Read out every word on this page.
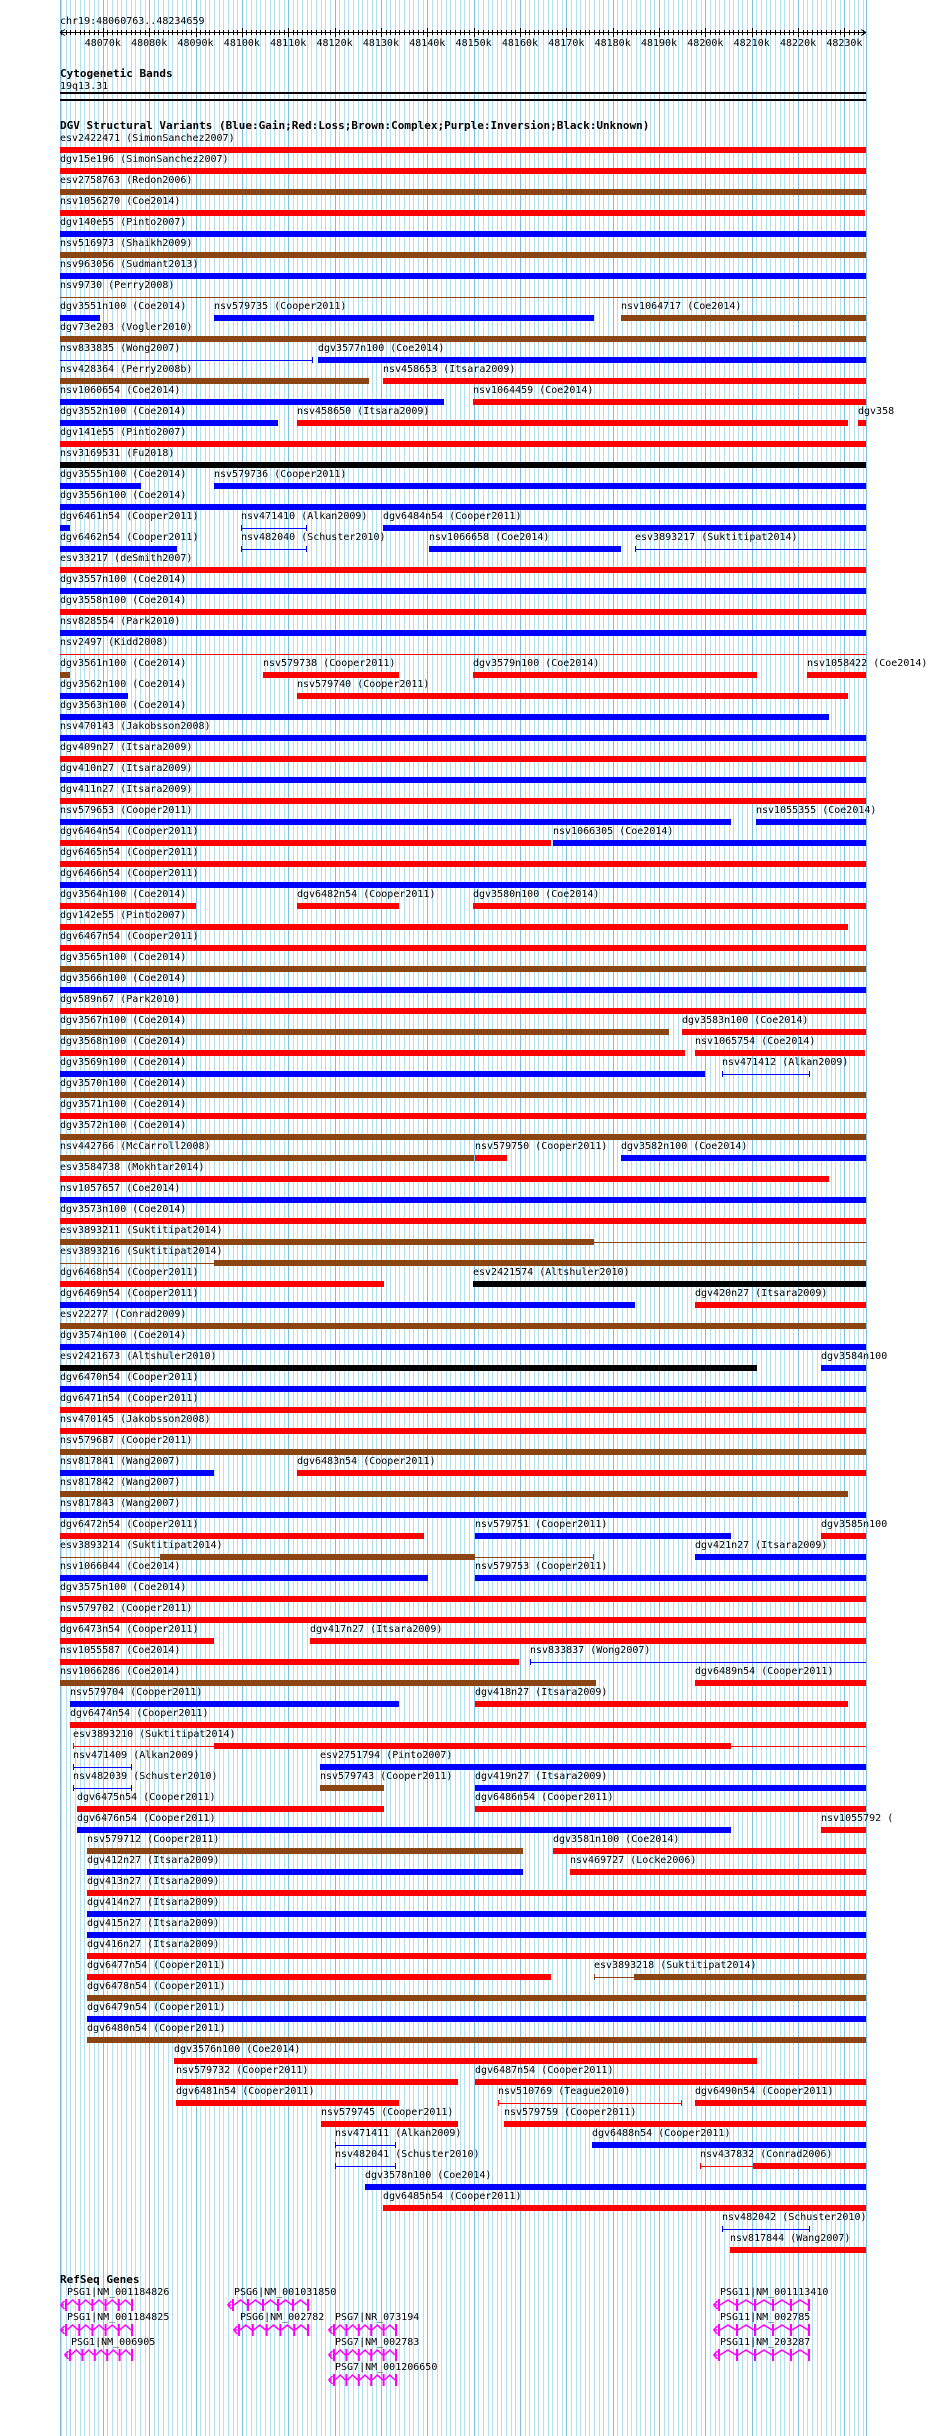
chr19:48060763..48234659
48070k 48080k 48090k 48100k 48110k 48120k 48130k 48140k 48150k 48160k 48170k 48180k 48190k 48200k 48210k 48220k 48230k
Cytogenetic Bands
19q13.31
DGV Structural Variants (Blue:Gain;Red:Loss;Brown:Complex;Purple:Inversion;Black:Unknown)
esv2422471 (SimonSanchez2007)
dgv15e196 (SimonSanchez2007)
esv2758763 (Redon2006)
nsv1056270 (Coe2014)
dgv140e55 (Pinto2007)
nsv516973 (Shaikh2009)
nsv963056 (Sudmant2013)
nsv9730 (Perry2008)
dgv3551n100 (Coe2014)	nsv579735 (Cooper2011)	nsv1064717 (Coe2014)
dgv73e203 (Vogler2010)
nsv833835 (Wong2007)	dgv3577n100 (Coe2014)
nsv428364 (Perry2008b)	nsv458653 (Itsara2009)
nsv1060654 (Coe2014)	nsv1064459 (Coe2014)
dgv3552n100 (Coe2014)	nsv458650 (Itsara2009)	dgv358
dgv141e55 (Pinto2007)
nsv3169531 (Fu2018)
dgv3555n100 (Coe2014)	nsv579736 (Cooper2011)
dgv3556n100 (Coe2014)
dgv6461n54 (Cooper2011)	nsv471410 (Alkan2009) dgv6484n54 (Cooper2011)
dgv6462n54 (Cooper2011)	nsv482040 (Schuster2010)	nsv1066658 (Coe2014)	esv3893217 (Suktitipat2014)
esv33217 (deSmith2007)
dgv3557n100 (Coe2014)
dgv3558n100 (Coe2014)
nsv828554 (Park2010)
nsv2497 (Kidd2008)
dgv3561n100 (Coe2014)	nsv579738 (Cooper2011)	dgv3579n100 (Coe2014)	nsv1058422 (Coe2014)
dgv3562n100 (Coe2014)	nsv579740 (Cooper2011)
dgv3563n100 (Coe2014)
nsv470143 (Jakobsson2008)
dgv409n27 (Itsara2009)
dgv410n27 (Itsara2009)
dgv411n27 (Itsara2009)
nsv579653 (Cooper2011)	nsv1055355 (Coe2014)
dgv6464n54 (Cooper2011)	nsv1066305 (Coe2014)
dgv6465n54 (Cooper2011)
dgv6466n54 (Cooper2011)
dgv3564n100 (Coe2014)	dgv6482n54 (Cooper2011)	dgv3580n100 (Coe2014)
dgv142e55 (Pinto2007)
dgv6467n54 (Cooper2011)
dgv3565n100 (Coe2014)
dgv3566n100 (Coe2014)
dgv589n67 (Park2010)
dgv3567n100 (Coe2014)	dgv3583n100 (Coe2014)
dgv3568n100 (Coe2014)	nsv1065754 (Coe2014)
dgv3569n100 (Coe2014)	nsv471412 (Alkan2009)
dgv3570n100 (Coe2014)
dgv3571n100 (Coe2014)
dgv3572n100 (Coe2014)
nsv442766 (McCarroll2008)	nsv579750 (Cooper2011) dgv3582n100 (Coe2014)
esv3584738 (Mokhtar2014)
nsv1057657 (Coe2014)
dgv3573n100 (Coe2014)
esv3893211 (Suktitipat2014)
esv3893216 (Suktitipat2014)
dgv6468n54 (Cooper2011)	esv2421574 (Altshuler2010)
dgv6469n54 (Cooper2011)	dgv420n27 (Itsara2009)
esv22277 (Conrad2009)
dgv3574n100 (Coe2014)
esv2421673 (Altshuler2010)	dgv3584n100
dgv6470n54 (Cooper2011)
dgv6471n54 (Cooper2011)
nsv470145 (Jakobsson2008)
nsv579687 (Cooper2011)
nsv817841 (Wang2007)	dgv6483n54 (Cooper2011)
nsv817842 (Wang2007)
nsv817843 (Wang2007)
dgv6472n54 (Cooper2011)	nsv579751 (Cooper2011)	dgv3585n100
esv3893214 (Suktitipat2014)	dgv421n27 (Itsara2009)
nsv1066044 (Coe2014)	nsv579753 (Cooper2011)
dgv3575n100 (Coe2014)
nsv579702 (Cooper2011)
dgv6473n54 (Cooper2011)	dgv417n27 (Itsara2009)
nsv1055587 (Coe2014)	nsv833837 (Wong2007)
nsv1066286 (Coe2014)	dgv6489n54 (Cooper2011)
nsv579704 (Cooper2011)	dgv418n27 (Itsara2009)
dgv6474n54 (Cooper2011)
esv3893210 (Suktitipat2014)
nsv471409 (Alkan2009)	esv2751794 (Pinto2007)
nsv482039 (Schuster2010)	nsv579743 (Cooper2011) dgv419n27 (Itsara2009)
dgv6475n54 (Cooper2011)	dgv6486n54 (Cooper2011)
dgv6476n54 (Cooper2011)	nsv1055792 (
nsv579712 (Cooper2011)	dgv3581n100 (Coe2014)
dgv412n27 (Itsara2009)	nsv469727 (Locke2006)
dgv413n27 (Itsara2009)
dgv414n27 (Itsara2009)
dgv415n27 (Itsara2009)
dgv416n27 (Itsara2009)
dgv6477n54 (Cooper2011)	esv3893218 (Suktitipat2014)
dgv6478n54 (Cooper2011)
dgv6479n54 (Cooper2011)
dgv6480n54 (Cooper2011)
dgv3576n100 (Coe2014)
nsv579732 (Cooper2011)	dgv6487n54 (Cooper2011)
dgv6481n54 (Cooper2011)	nsv510769 (Teague2010)	dgv6490n54 (Cooper2011)
nsv579745 (Cooper2011)	nsv579759 (Cooper2011)
nsv471411 (Alkan2009)	dgv6488n54 (Cooper2011)
nsv482041 (Schuster2010)	nsv437832 (Conrad2006)
dgv3578n100 (Coe2014)
dgv6485n54 (Cooper2011)
nsv482042 (Schuster2010)
nsv817844 (Wang2007)
RefSeq Genes
PSG1|NM_001184826	PSG6|NM_001031850	PSG11|NM_001113410
PSG1|NM_001184825	PSG6|NM_002782 PSG7|NR_073194	PSG11|NM_002785
PSG1|NM_006905	PSG7|NM_002783	PSG11|NM_203287
PSG7|NM_001206650
